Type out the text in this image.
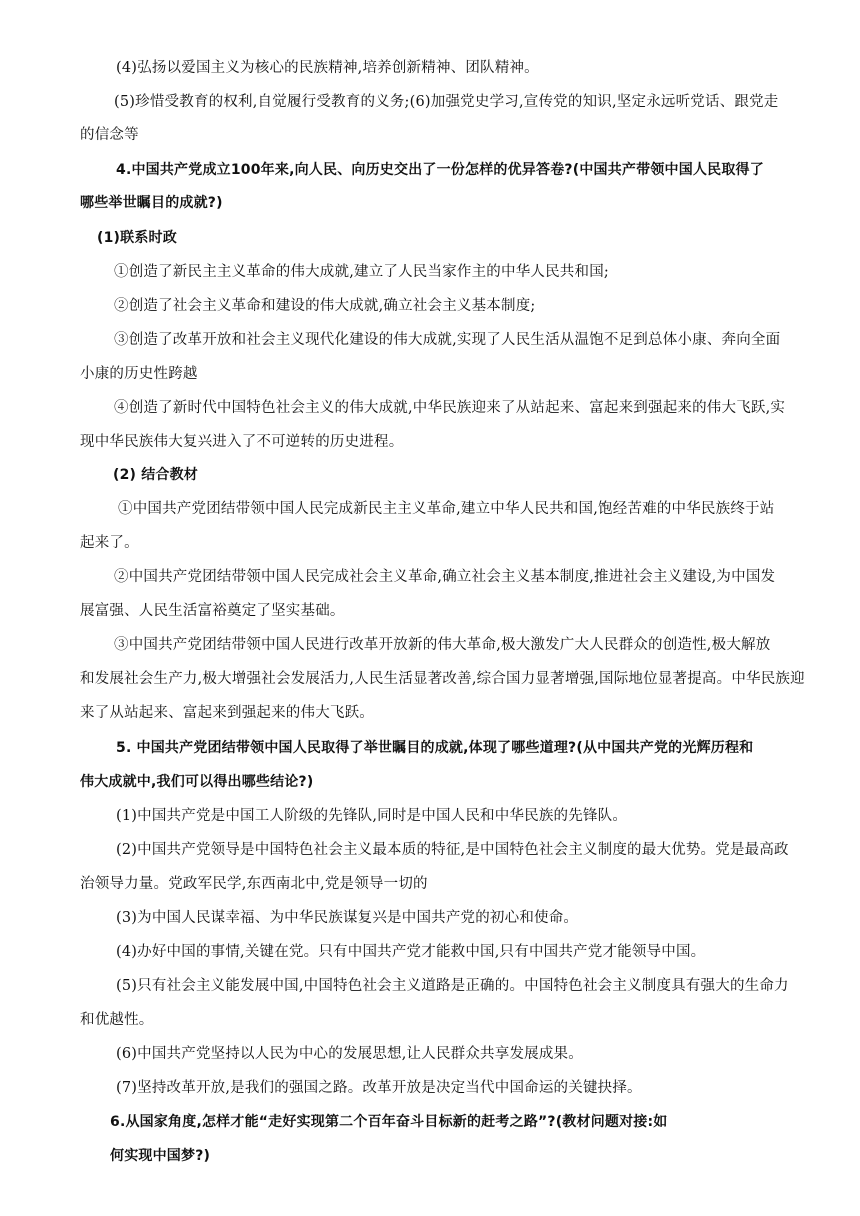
(4)弘扬以爱国主义为核心的民族精神,培养创新精神、团队精神。
(5)珍惜受教育的权利,自觉履行受教育的义务;(6)加强党史学习,宣传党的知识,坚定永远听党话、跟党走
的信念等
4.中国共产党成立100年来,向人民、向历史交出了一份怎样的优异答卷?(中国共产带领中国人民取得了
哪些举世瞩目的成就?)
(1)联系时政
①创造了新民主主义革命的伟大成就,建立了人民当家作主的中华人民共和国;
②创造了社会主义革命和建设的伟大成就,确立社会主义基本制度;
③创造了改革开放和社会主义现代化建设的伟大成就,实现了人民生活从温饱不足到总体小康、奔向全面
小康的历史性跨越
④创造了新时代中国特色社会主义的伟大成就,中华民族迎来了从站起来、富起来到强起来的伟大飞跃,实
现中华民族伟大复兴进入了不可逆转的历史进程。
(2) 结合教材
①中国共产党团结带领中国人民完成新民主主义革命,建立中华人民共和国,饱经苦难的中华民族终于站
起来了。
②中国共产党团结带领中国人民完成社会主义革命,确立社会主义基本制度,推进社会主义建设,为中国发
展富强、人民生活富裕奠定了坚实基础。
③中国共产党团结带领中国人民进行改革开放新的伟大革命,极大激发广大人民群众的创造性,极大解放
和发展社会生产力,极大增强社会发展活力,人民生活显著改善,综合国力显著增强,国际地位显著提高。中华民族迎
来了从站起来、富起来到强起来的伟大飞跃。
5. 中国共产党团结带领中国人民取得了举世瞩目的成就,体现了哪些道理?(从中国共产党的光辉历程和
伟大成就中,我们可以得出哪些结论?)
(1)中国共产党是中国工人阶级的先锋队,同时是中国人民和中华民族的先锋队。
(2)中国共产党领导是中国特色社会主义最本质的特征,是中国特色社会主义制度的最大优势。党是最高政
治领导力量。党政军民学,东西南北中,党是领导一切的
(3)为中国人民谋幸福、为中华民族谋复兴是中国共产党的初心和使命。
(4)办好中国的事情,关键在党。只有中国共产党才能救中国,只有中国共产党才能领导中国。
(5)只有社会主义能发展中国,中国特色社会主义道路是正确的。中国特色社会主义制度具有强大的生命力
和优越性。
(6)中国共产党坚持以人民为中心的发展思想,让人民群众共享发展成果。
(7)坚持改革开放,是我们的强国之路。改革开放是决定当代中国命运的关键抉择。
6.从国家角度,怎样才能“走好实现第二个百年奋斗目标新的赶考之路”?(教材问题对接:如
何实现中国梦?)
